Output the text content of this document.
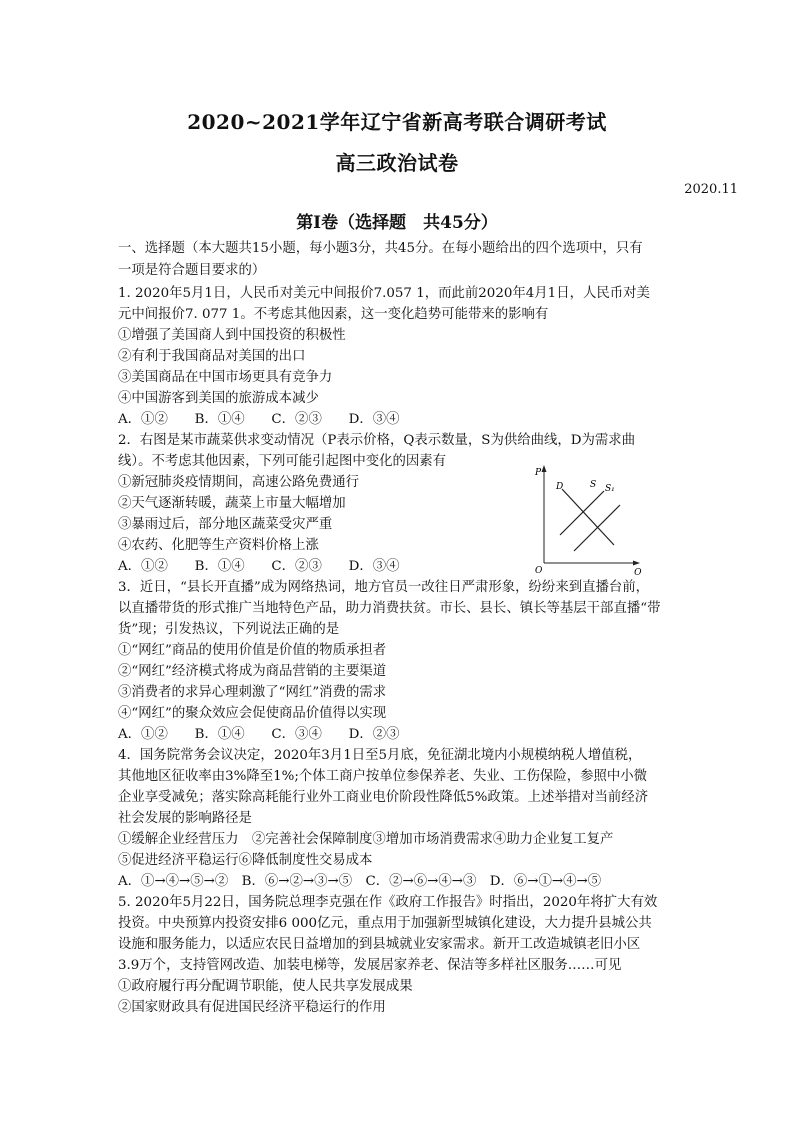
2020~2021学年辽宁省新高考联合调研考试
高三政治试卷
2020.11
第Ⅰ卷（选择题　共45分）
一、选择题（本大题共15小题，每小题3分，共45分。在每小题给出的四个选项中，只有
一项是符合题目要求的）
1. 2020年5月1日，人民币对美元中间报价7.057 1，而此前2020年4月1日，人民币对美
元中间报价7. 077 1。不考虑其他因素，这一变化趋势可能带来的影响有
①增强了美国商人到中国投资的积极性
②有利于我国商品对美国的出口
③美国商品在中国市场更具有竞争力
④中国游客到美国的旅游成本减少
A．①②　　B．①④　　C．②③　　D．③④
2．右图是某市蔬菜供求变动情况（P表示价格，Q表示数量，S为供给曲线，D为需求曲
线）。不考虑其他因素，下列可能引起图中变化的因素有
①新冠肺炎疫情期间，高速公路免费通行
②天气逐渐转暖，蔬菜上市量大幅增加
③暴雨过后，部分地区蔬菜受灾严重
④农药、化肥等生产资料价格上涨
A．①②　　B．①④　　C．②③　　D．③④
P
O	Q
D	S S₁
3．近日，“县长开直播”成为网络热词，地方官员一改往日严肃形象，纷纷来到直播台前，
以直播带货的形式推广当地特色产品，助力消费扶贫。市长、县长、镇长等基层干部直播“带
货”现；引发热议，下列说法正确的是
①“网红”商品的使用价值是价值的物质承担者
②“网红”经济模式将成为商品营销的主要渠道
③消费者的求异心理刺激了“网红”消费的需求
④“网红”的聚众效应会促使商品价值得以实现
A．①②　　B．①④　　C．③④　　D．②③
4．国务院常务会议决定，2020年3月1日至5月底，免征湖北境内小规模纳税人增值税，
其他地区征收率由3%降至1%;个体工商户按单位参保养老、失业、工伤保险，参照中小微
企业享受减免；落实除高耗能行业外工商业电价阶段性降低5%政策。上述举措对当前经济
社会发展的影响路径是
①缓解企业经营压力　②完善社会保障制度③增加市场消费需求④助力企业复工复产
⑤促进经济平稳运行⑥降低制度性交易成本
A．①→④→⑤→②　B．⑥→②→③→⑤　C．②→⑥→④→③　D．⑥→①→④→⑤
5. 2020年5月22日，国务院总理李克强在作《政府工作报告》时指出，2020年将扩大有效
投资。中央预算内投资安排6 000亿元，重点用于加强新型城镇化建设，大力提升县城公共
设施和服务能力，以适应农民日益增加的到县城就业安家需求。新开工改造城镇老旧小区
3.9万个，支持管网改造、加装电梯等，发展居家养老、保洁等多样社区服务……可见
①政府履行再分配调节职能，使人民共享发展成果
②国家财政具有促进国民经济平稳运行的作用
